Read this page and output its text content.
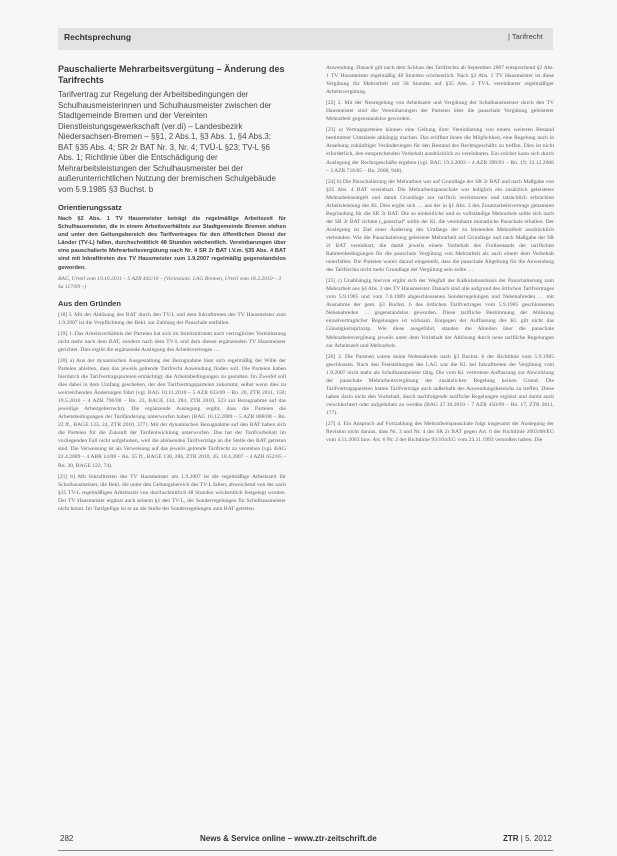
Rechtsprechung	| Tarifrecht
Pauschalierte Mehrarbeitsvergütung – Änderung des Tarifrechts
Tarifvertrag zur Regelung der Arbeitsbedingungen der Schulhausmeisterinnen und Schulhausmeister zwischen der Stadtgemeinde Bremen und der Vereinten Dienstleistungsgewerkschaft (ver.di) – Landesbezirk Niedersachsen-Bremen – §§1, 2 Abs.1, §3 Abs. 1, §4 Abs.3; BAT §35 Abs. 4; SR 2r BAT Nr. 3, Nr. 4; TVÜ-L §23; TV-L §6 Abs. 1; Richtlinie über die Entschädigung der Mehrarbeitsleistungen der Schulhausmeister bei der außerunterrichtlichen Nutzung der bremischen Schulgebäude vom 5.9.1985 §3 Buchst. b
Orientierungssatz
Nach §2 Abs. 1 TV Hausmeister beträgt die regelmäßige Arbeitszeit für Schulhausmeister, die in einem Arbeitsverhältnis zur Stadtgemeinde Bremen stehen und unter den Geltungsbereich des Tarifvertrages für den öffentlichen Dienst der Länder (TV-L) fallen, durchschnittlich 48 Stunden wöchentlich. Vereinbarungen über eine pauschalierte Mehrarbeitsvergütung nach Nr. 4 SR 2r BAT i.V.m. §35 Abs. 4 BAT sind mit Inkrafttreten des TV Hausmeister zum 1.9.2007 regelmäßig gegenstandslos geworden.
BAG, Urteil vom 19.10.2011 – 5 AZR 442/10 – (Vorinstanz: LAG Bremen, Urteil vom 18.3.2010 – 3 Sa 117/09 –)
Aus den Gründen
[18] I. Mit der Ablösung des BAT durch den TV-L und dem Inkrafttreten des TV Hausmeister zum 1.9.2007 ist die Verpflichtung der Bekl. zur Zahlung der Pauschale entfallen.
[19] 1. Das Arbeitsverhältnis der Parteien hat sich im Streitzeitraum nach vertraglicher Vereinbarung nicht mehr nach dem BAT, sondern nach dem TV-L und dem diesen ergänzenden TV Hausmeister gerichtet. Dies ergibt die ergänzende Auslegung des Arbeitsvertrages …
[20] a) Aus der dynamischen Ausgestaltung der Bezugnahme lässt sich regelmäßig der Wille der Parteien ableiten, dass das jeweils geltende Tarifrecht Anwendung finden soll. Die Parteien haben hierdurch die Tarifvertragsparteien ermächtigt, die Arbeitsbedingungen zu gestalten. Im Zweifel soll dies dabei in dem Umfang geschehen, der den Tarifvertragsparteien zukommt, selbst wenn dies zu weitreichenden Änderungen führt (vgl. BAG 10.11.2010 – 5 AZR 633/09 – Rn. 20, ZTR 2011, 150; 19.5.2010 – 4 AZR 796/08 – Rn. 23, BAGE 134, 283, ZTR 2010, 523 zur Bezugnahme auf das jeweilige Arbeitgeberrecht). Die ergänzende Auslegung ergibt, dass die Parteien die Arbeitsbedingungen der Tarifänderung unterworfen haben (BAG 16.12.2009 – 5 AZR 888/08 – Rn. 22 ff., BAGE 133, 24, ZTR 2010, 377). Mit der dynamischen Bezugnahme auf den BAT haben sich die Parteien für die Zukunft der Tarifentwicklung unterworfen. Das hat der Tarifvorbehalt im vorliegenden Fall nicht aufgehoben, weil die ablösenden Tarifverträge an die Stelle des BAT getreten sind. Die Verweisung ist als Verweisung auf das jeweils geltende Tarifrecht zu verstehen (vgl. BAG 22.4.2009 – 4 ABR 14/08 – Rn. 55 ff., BAGE 130, 286, ZTR 2010, 45; 18.4.2007 – 4 AZR 652/05 – Rn. 30, BAGE 122, 74).
[21] b) Mit Inkrafttreten des TV Hausmeister am 1.9.2007 ist die regelmäßige Arbeitszeit für Schulhausmeister, die Bekl. die unter den Geltungsbereich des TV-L fallen, abweichend von der nach §35 TV-L regelmäßigen Arbeitszeit von durchschnittlich 48 Stunden wöchentlich festgelegt worden. Der TV Hausmeister ergänzt auch seinem §1 den TV-L, der Sonderregelungen für Schulhausmeister nicht kennt. Im Tarifgefüge ist er an die Stelle der Sonderregelungen zum BAT getreten.
Anwendung. Danach gilt nach dem Schluss des Tarifrechts ab September 2007 entsprechend §2 Abs. 1 TV Hausmeister regelmäßig 48 Stunden wöchentlich. Nach §3 Abs. 1 TV Hausmeister ist diese Vergütung für Mehrarbeit mit 58 Stunden auf §35 Abs. 2 TV-L vereinbarter regelmäßiger Arbeitsvergütung.
[22] 2. Mit der Neuregelung von Arbeitszeit und Vergütung der Schulhausmeister durch den TV Hausmeister sind die Vereinbarungen der Parteien über die pauschale Vergütung geleisteter Mehrarbeit gegenstandslos geworden.
[23] a) Vertragsparteien können eine Geltung ihrer Vereinbarung von einem weiteren Bestand bestimmter Umstände abhängig machen. Das eröffnet ihnen die Möglichkeit, eine Regelung auch in Ansehung zukünftiger Veränderungen für den Bestand des Rechtsgeschäfts zu treffen. Dies ist nicht erforderlich, den entsprechenden Vorbehalt ausdrücklich zu vereinbaren. Ein solcher kann sich durch Auslegung der Rechtsgeschäfte ergeben (vgl. BAG 19.3.2003 – 4 AZR 390/01 – Rn. 19; 12.12.2006 – 3 AZR 716/05 – Rn. 2008, 948).
[24] b) Die Pauschalierung der Mehrarbeit war auf Grundlage der SR 2r BAT und nach Maßgabe von §35 Abs. 4 BAT vereinbart. Die Mehrarbeitspauschale war lediglich ein zusätzlich geleistetes Mehrarbeitsentgelt und damit Grundlage zur tariflich vereinbarten und tatsächlich erbrachten Arbeitsleistung des Kl. Dies ergibt sich … aus der in §1 Abs. 3 des Zusatzarbeitsvertrags genannten Begründung für die SR 2r BAT. Die so einheitliche und so vollständige Mehrarbeit sollte sich nach der SR 2r BAT richten („pauschal“ sollte der Kl. die vereinbarte monatliche Pauschale erhalten. Der Auslegung ist Ziel einer Änderung des Umfangs der zu leistenden Mehrarbeit ausdrücklich verbunden. Wie die Pauschalierung geleistete Mehrarbeit auf Grundlage und nach Maßgabe der SR 2r BAT vereinbart, die damit jeweils einem Vorbehalt des Fortbestands der tariflichen Rahmenbedingungen für die pauschale Vergütung von Mehrarbeit als auch einem dem Vorbehalt unterfallen. Die Parteien waren darauf eingestellt, dass die pauschale Abgeltung für die Anwendung des Tarifrechts nicht mehr Grundlage der Vergütung sein sollte …
[25] c) Unabhängig hiervon ergibt sich der Wegfall der Kalkulationsbasis der Pauschalierung zum Mehrarbeit aus §4 Abs. 3 des TV Hausmeister. Danach sind alle aufgrund des örtlichen Tarifvertrages vom 5.9.1985 und vom 7.6.1989 abgeschlossenen Sonderregelungen und Nebenabreden … mit Ausnahme der gem. §3 Buchst. b des örtlichen Tarifvertrages vom 5.9.1985 geschlossenen Nebenabreden … gegenstandslos geworden. Diese tarifliche Bestimmung der Ablösung einzelvertraglicher Regelungen ist wirksam. Entgegen der Auffassung des Kl. gilt nicht das Günstigkeitsprinzip. Wie diese ausgeführt, standen die Abreden über die pauschale Mehrarbeitsvergütung jeweils unter dem Vorbehalt der Ablösung durch neue tarifliche Regelungen zur Arbeitszeit und Mehrarbeit.
[26] 3. Die Parteien waren keine Nebenabrede nach §3 Buchst. b der Richtlinie vom 5.9.1985 geschlossen. Nach den Feststellungen des LAG war die Kl. bei Inkrafttreten der Vergütung vom 1.9.2007 nicht mehr als Schulhausmeister tätig. Die vom Kl. vertretene Auffassung zur Abwicklung der pauschale Mehrarbeitsvergütung der zusätzlichen Regelung keinen Grund. Die Tarifvertragsparteien hatten Tarifverträge auch außerhalb des Anwendungsbereichs zu treffen. Diese haben darin nicht den Vorbehalt, durch nachfolgende tarifliche Regelungen ergänzt und damit auch verschlechtert oder aufgehoben zu werden (BAG 27.10.2010 – 7 AZR 450/09 – Rn. 17, ZTR 2011, 177).
[27] 4. Ein Anspruch auf Fortzahlung des Mehrarbeitspauschale folgt insgesamt der Auslegung der Revision nicht daraus, dass Nr. 3 und Nr. 4 der SR 2r BAT gegen Art. 6 der Richtlinie 2003/88/EG vom 4.11.2003 bzw. Art. 6 Nr. 2 der Richtlinie 93/104/EG vom 23.11.1993 verstoßen haben. Die
282	News & Service online – www.ztr-zeitschrift.de	ZTR | 5. 2012
